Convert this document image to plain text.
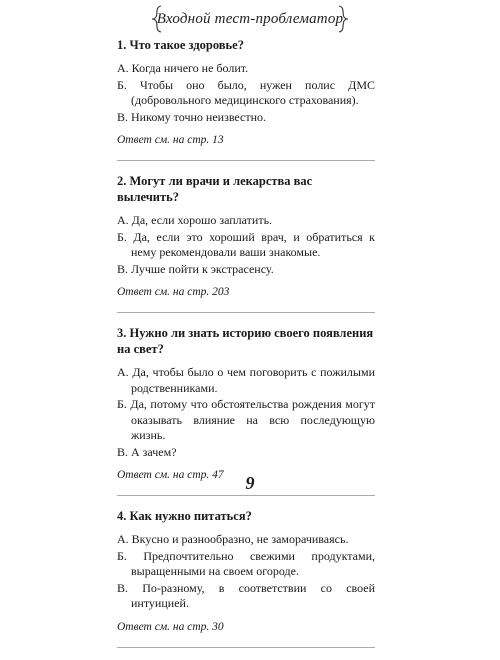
Входной тест-проблематор

1. Что такое здоровье?

А. Когда ничего не болит.

Б. Чтобы оно было, нужен полис ДМС (добровольного медицинского страхования).

В. Никому точно неизвестно.

Ответ см. на стр. 13

2. Могут ли врачи и лекарства вас вылечить?

А. Да, если хорошо заплатить.

Б. Да, если это хороший врач, и обратиться к нему рекомендовали ваши знакомые.

В. Лучше пойти к экстрасенсу.

Ответ см. на стр. 203

3. Нужно ли знать историю своего появления на свет?

А. Да, чтобы было о чем поговорить с пожилыми родственниками.

Б. Да, потому что обстоятельства рождения могут оказывать влияние на всю последующую жизнь.

В. А зачем?

Ответ см. на стр. 47

4. Как нужно питаться?

А. Вкусно и разнообразно, не заморачиваясь.

Б. Предпочтительно свежими продуктами, выращенными на своем огороде.

В. По-разному, в соответствии со своей интуицией.

Ответ см. на стр. 30

9
